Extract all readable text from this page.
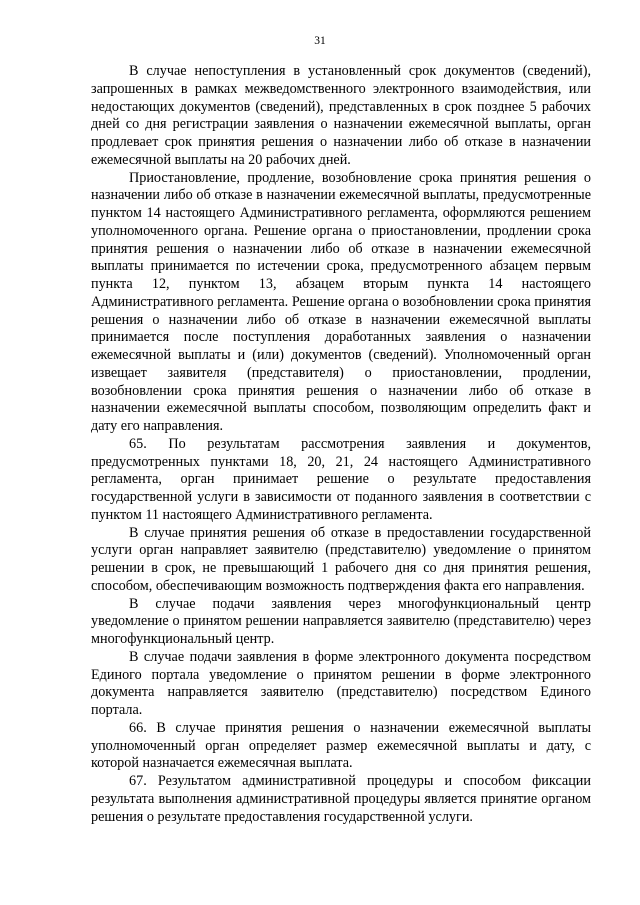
31

В случае непоступления в установленный срок документов (сведений), запрошенных в рамках межведомственного электронного взаимодействия, или недостающих документов (сведений), представленных в срок позднее 5 рабочих дней со дня регистрации заявления о назначении ежемесячной выплаты, орган продлевает срок принятия решения о назначении либо об отказе в назначении ежемесячной выплаты на 20 рабочих дней.

Приостановление, продление, возобновление срока принятия решения о назначении либо об отказе в назначении ежемесячной выплаты, предусмотренные пунктом 14 настоящего Административного регламента, оформляются решением уполномоченного органа. Решение органа о приостановлении, продлении срока принятия решения о назначении либо об отказе в назначении ежемесячной выплаты принимается по истечении срока, предусмотренного абзацем первым пункта 12, пунктом 13, абзацем вторым пункта 14 настоящего Административного регламента. Решение органа о возобновлении срока принятия решения о назначении либо об отказе в назначении ежемесячной выплаты принимается после поступления доработанных заявления о назначении ежемесячной выплаты и (или) документов (сведений). Уполномоченный орган извещает заявителя (представителя) о приостановлении, продлении, возобновлении срока принятия решения о назначении либо об отказе в назначении ежемесячной выплаты способом, позволяющим определить факт и дату его направления.

65. По результатам рассмотрения заявления и документов, предусмотренных пунктами 18, 20, 21, 24 настоящего Административного регламента, орган принимает решение о результате предоставления государственной услуги в зависимости от поданного заявления в соответствии с пунктом 11 настоящего Административного регламента.

В случае принятия решения об отказе в предоставлении государственной услуги орган направляет заявителю (представителю) уведомление о принятом решении в срок, не превышающий 1 рабочего дня со дня принятия решения, способом, обеспечивающим возможность подтверждения факта его направления.

В случае подачи заявления через многофункциональный центр уведомление о принятом решении направляется заявителю (представителю) через многофункциональный центр.

В случае подачи заявления в форме электронного документа посредством Единого портала уведомление о принятом решении в форме электронного документа направляется заявителю (представителю) посредством Единого портала.

66. В случае принятия решения о назначении ежемесячной выплаты уполномоченный орган определяет размер ежемесячной выплаты и дату, с которой назначается ежемесячная выплата.

67. Результатом административной процедуры и способом фиксации результата выполнения административной процедуры является принятие органом решения о результате предоставления государственной услуги.
